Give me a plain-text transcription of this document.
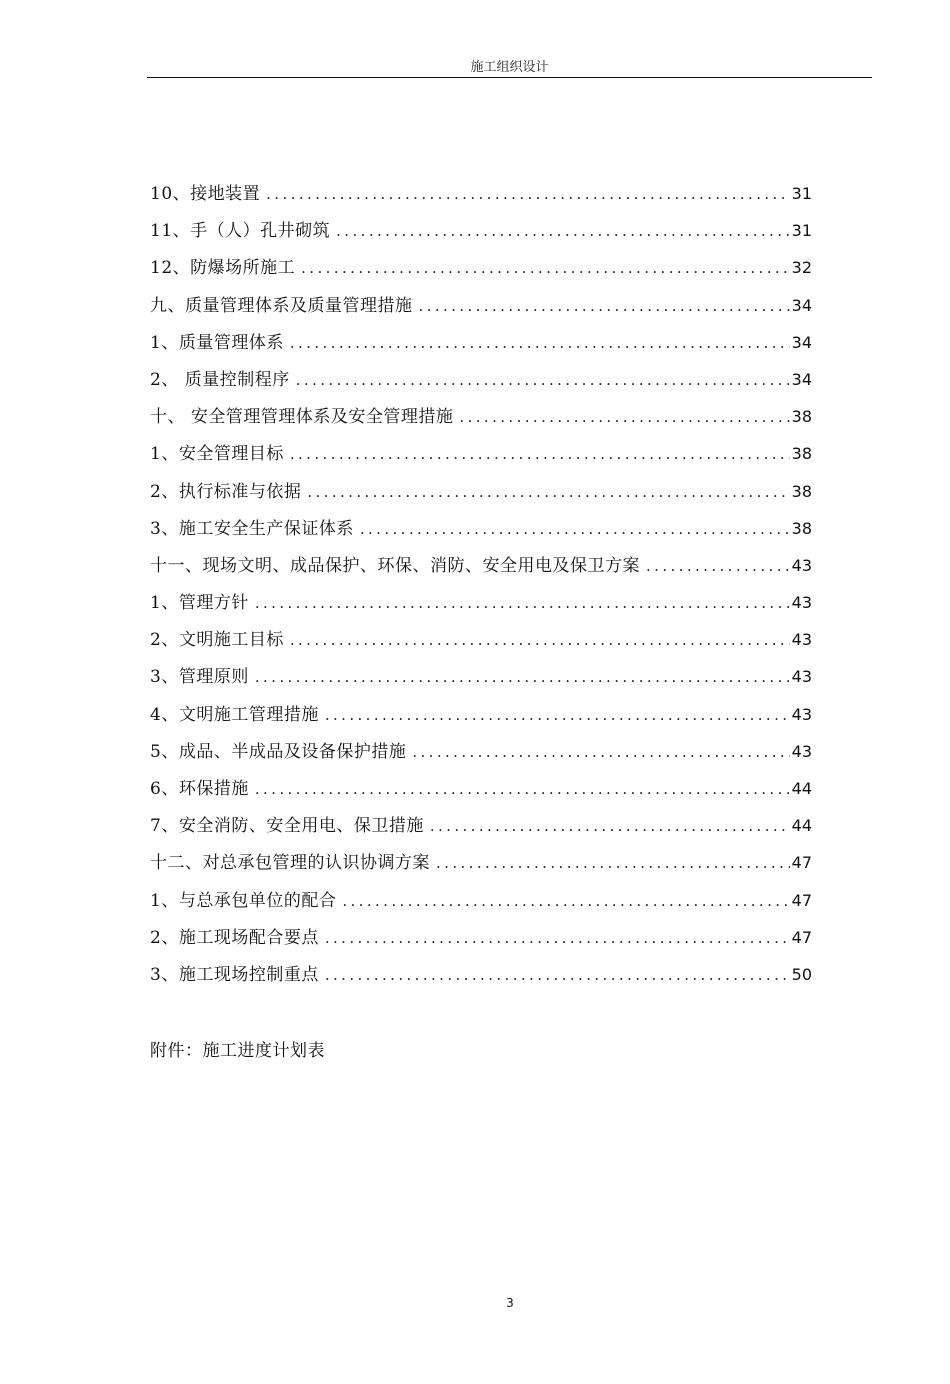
施工组织设计
10、接地装置 .....	31
11、手（人）孔井砌筑 .....	31
12、防爆场所施工 .....	32
九、质量管理体系及质量管理措施 .....	34
1、质量管理体系 .....	34
2、 质量控制程序 .....	34
十、 安全管理管理体系及安全管理措施 .....	38
1、安全管理目标 .....	38
2、执行标准与依据 .....	38
3、施工安全生产保证体系 .....	38
十一、现场文明、成品保护、环保、消防、安全用电及保卫方案 .....	43
1、管理方针 .....	43
2、文明施工目标 .....	43
3、管理原则 .....	43
4、文明施工管理措施 .....	43
5、成品、半成品及设备保护措施 .....	43
6、环保措施 .....	44
7、安全消防、安全用电、保卫措施 .....	44
十二、对总承包管理的认识协调方案 .....	47
1、与总承包单位的配合 .....	47
2、施工现场配合要点 .....	47
3、施工现场控制重点 .....	50
附件：施工进度计划表
3
